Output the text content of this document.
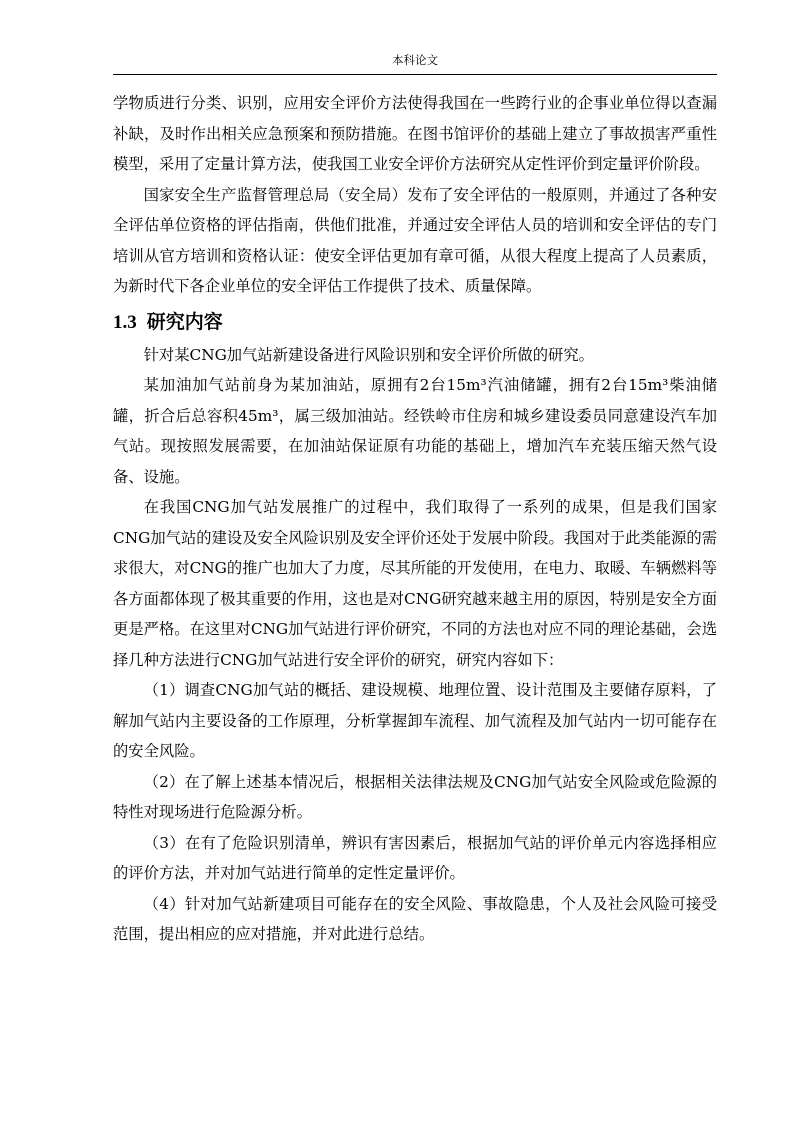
本科论文

学物质进行分类、识别，应用安全评价方法使得我国在一些跨行业的企事业单位得以查漏补缺，及时作出相关应急预案和预防措施。在图书馆评价的基础上建立了事故损害严重性模型，采用了定量计算方法，使我国工业安全评价方法研究从定性评价到定量评价阶段。

国家安全生产监督管理总局（安全局）发布了安全评估的一般原则，并通过了各种安全评估单位资格的评估指南，供他们批准，并通过安全评估人员的培训和安全评估的专门培训从官方培训和资格认证：使安全评估更加有章可循，从很大程度上提高了人员素质，为新时代下各企业单位的安全评估工作提供了技术、质量保障。

1.3 研究内容

针对某CNG加气站新建设备进行风险识别和安全评价所做的研究。

某加油加气站前身为某加油站，原拥有2台15m³汽油储罐，拥有2台15m³柴油储罐，折合后总容积45m³，属三级加油站。经铁岭市住房和城乡建设委员同意建设汽车加气站。现按照发展需要，在加油站保证原有功能的基础上，增加汽车充装压缩天然气设备、设施。

在我国CNG加气站发展推广的过程中，我们取得了一系列的成果，但是我们国家CNG加气站的建设及安全风险识别及安全评价还处于发展中阶段。我国对于此类能源的需求很大，对CNG的推广也加大了力度，尽其所能的开发使用，在电力、取暖、车辆燃料等各方面都体现了极其重要的作用，这也是对CNG研究越来越主用的原因，特别是安全方面更是严格。在这里对CNG加气站进行评价研究，不同的方法也对应不同的理论基础，会选择几种方法进行CNG加气站进行安全评价的研究，研究内容如下：

（1）调查CNG加气站的概括、建设规模、地理位置、设计范围及主要储存原料，了解加气站内主要设备的工作原理，分析掌握卸车流程、加气流程及加气站内一切可能存在的安全风险。

（2）在了解上述基本情况后，根据相关法律法规及CNG加气站安全风险或危险源的特性对现场进行危险源分析。

（3）在有了危险识别清单，辨识有害因素后，根据加气站的评价单元内容选择相应的评价方法，并对加气站进行简单的定性定量评价。

（4）针对加气站新建项目可能存在的安全风险、事故隐患，个人及社会风险可接受范围，提出相应的应对措施，并对此进行总结。
